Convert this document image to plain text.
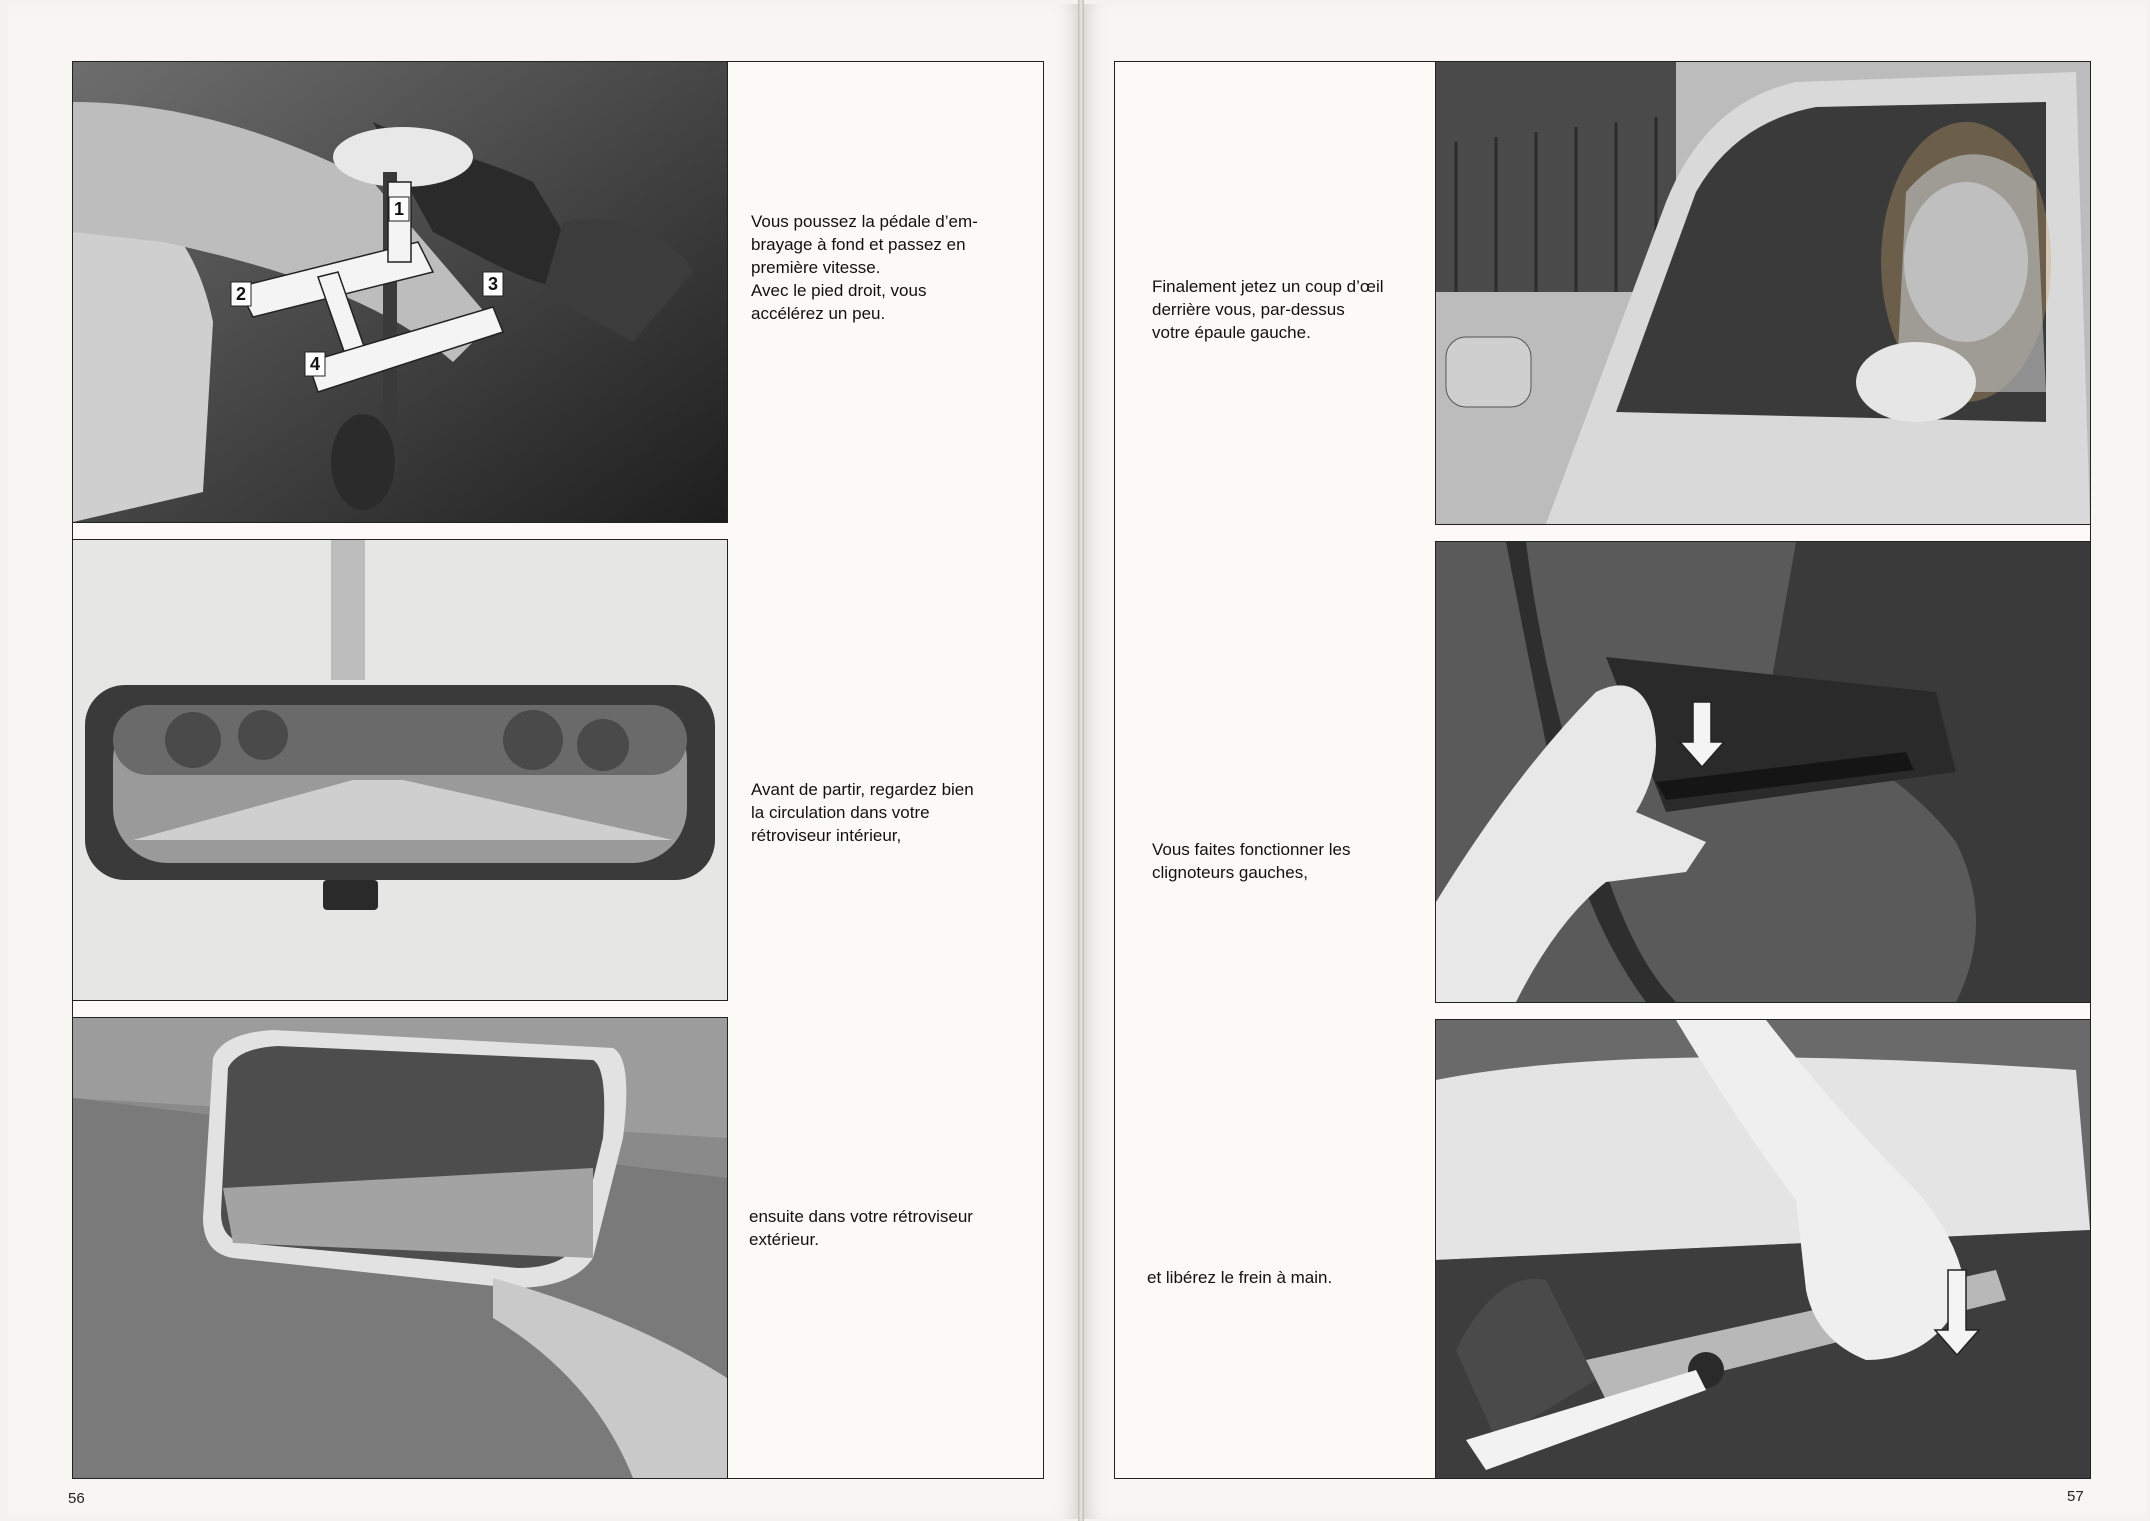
1
2	3
4
Vous poussez la pédale d’em-
brayage à fond et passez en
première vitesse.
Avec le pied droit, vous
accélérez un peu.
Avant de partir, regardez bien
la circulation dans votre
rétroviseur intérieur,
ensuite dans votre rétroviseur
extérieur.
56
Finalement jetez un coup d’œil
derrière vous, par-dessus
votre épaule gauche.
Vous faites fonctionner les
clignoteurs gauches,
et libérez le frein à main.
57
